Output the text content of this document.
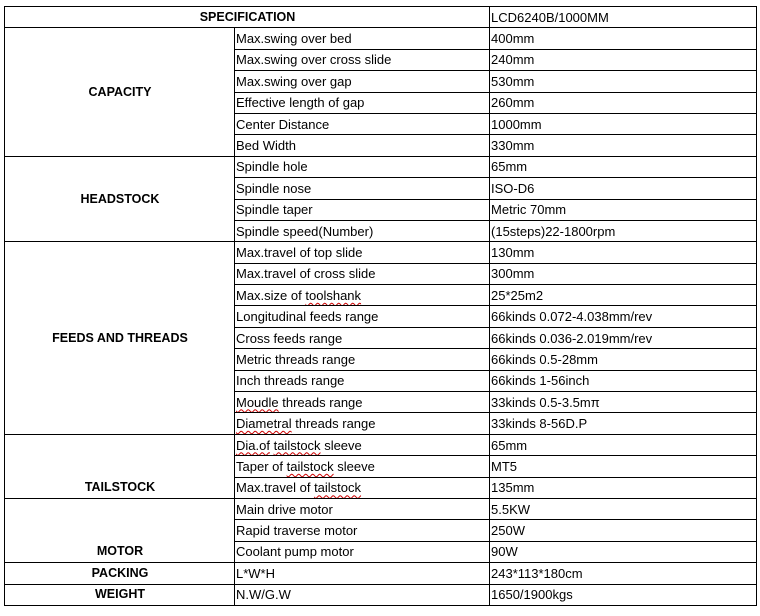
SPECIFICATION		LCD6240B/1000MM
CAPACITY	Max.swing over bed	400mm
	Max.swing over cross slide	240mm
	Max.swing over gap	530mm
	Effective length of gap	260mm
	Center Distance	1000mm
	Bed Width	330mm
HEADSTOCK	Spindle hole	65mm
	Spindle nose	ISO-D6
	Spindle taper	Metric 70mm
	Spindle speed(Number)	(15steps)22-1800rpm
FEEDS AND THREADS	Max.travel of top slide	130mm
	Max.travel of cross slide	300mm
	Max.size of toolshank	25*25m2
	Longitudinal feeds range	66kinds 0.072-4.038mm/rev
	Cross feeds range	66kinds 0.036-2.019mm/rev
	Metric threads range	66kinds 0.5-28mm
	Inch threads range	66kinds 1-56inch
	Moudle threads range	33kinds 0.5-3.5mπ
	Diametral threads range	33kinds 8-56D.P
TAILSTOCK	Dia.of tailstock sleeve	65mm
	Taper of tailstock sleeve	MT5
	Max.travel of tailstock	135mm
MOTOR	Main drive motor	5.5KW
	Rapid traverse motor	250W
	Coolant pump motor	90W
PACKING	L*W*H	243*113*180cm
WEIGHT	N.W/G.W	1650/1900kgs
